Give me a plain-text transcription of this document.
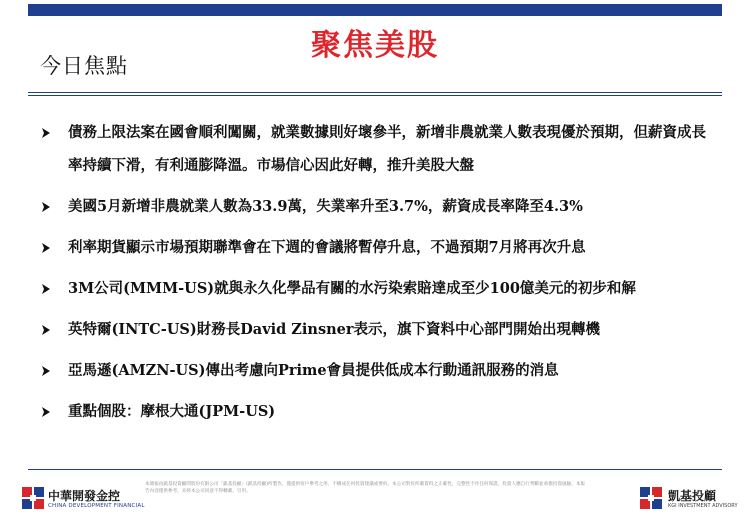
聚焦美股
今日焦點
債務上限法案在國會順利闖關，就業數據則好壞參半，新增非農就業人數表現優於預期，但薪資成長率持續下滑，有利通膨降溫。市場信心因此好轉，推升美股大盤
美國5月新增非農就業人數為33.9萬，失業率升至3.7%，薪資成長率降至4.3%
利率期貨顯示市場預期聯準會在下週的會議將暫停升息，不過預期7月將再次升息
3M公司(MMM-US)就與永久化學品有關的水污染索賠達成至少100億美元的初步和解
英特爾(INTC-US)財務長David Zinsner表示，旗下資料中心部門開始出現轉機
亞馬遜(AMZN-US)傳出考慮向Prime會員提供低成本行動通訊服務的消息
重點個股：摩根大通(JPM-US)
中華開發金控
CHINA DEVELOPMENT FINANCIAL
本簡報由凱基投資顧問股份有限公司「凱基投顧」(凱基投顧)所製作，僅提供客戶參考之用，不構成任何投資建議或要約。本公司對於所載資料之正確性、完整性不作任何保證，投資人應自行判斷並承擔投資風險。本報告內容僅供參考，未經本公司同意不得轉載、引用。	凱基投顧
KGI INVESTMENT ADVISORY
